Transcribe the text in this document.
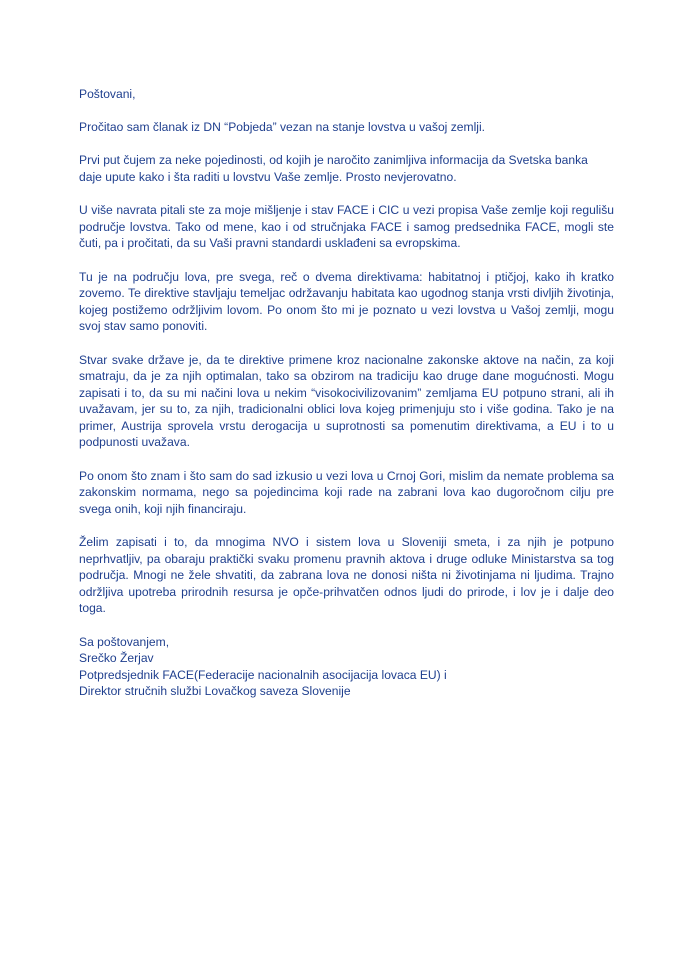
Poštovani,

Pročitao sam članak iz DN “Pobjeda” vezan na stanje lovstva u vašoj zemlji.

Prvi put čujem za neke pojedinosti, od kojih je naročito zanimljiva informacija da Svetska banka daje upute kako i šta raditi u lovstvu Vaše zemlje. Prosto nevjerovatno.

U više navrata pitali ste za moje mišljenje i stav FACE i CIC u vezi propisa Vaše zemlje koji regulišu područje lovstva. Tako od mene, kao i od stručnjaka FACE i samog predsednika FACE, mogli ste čuti, pa i pročitati, da su Vaši pravni standardi usklađeni sa evropskima.

Tu je na području lova, pre svega, reč o dvema direktivama: habitatnoj i ptičjoj, kako ih kratko zovemo. Te direktive stavljaju temeljac održavanju habitata kao ugodnog stanja vrsti divljih životinja, kojeg postižemo održljivim lovom. Po onom što mi je poznato u vezi lovstva u Vašoj zemlji, mogu svoj stav samo ponoviti.

Stvar svake države je, da te direktive primene kroz nacionalne zakonske aktove na način, za koji smatraju, da je za njih optimalan, tako sa obzirom na tradiciju kao druge dane mogućnosti. Mogu zapisati i to, da su mi načini lova u nekim “visokocivilizovanim” zemljama EU potpuno strani, ali ih uvažavam, jer su to, za njih, tradicionalni oblici lova kojeg primenjuju sto i više godina. Tako je na primer, Austrija sprovela vrstu derogacija u suprotnosti sa pomenutim direktivama, a EU i to u podpunosti uvažava.

Po onom što znam i što sam do sad izkusio u vezi lova u Crnoj Gori, mislim da nemate problema sa zakonskim normama, nego sa pojedincima koji rade na zabrani lova kao dugoročnom cilju pre svega onih, koji njih financiraju.

Želim zapisati i to, da mnogima NVO i sistem lova u Sloveniji smeta, i za njih je potpuno neprhvatljiv, pa obaraju praktički svaku promenu pravnih aktova i druge odluke Ministarstva sa tog područja. Mnogi ne žele shvatiti, da zabrana lova ne donosi ništa ni životinjama ni ljudima. Trajno održljiva upotreba prirodnih resursa je opče-prihvatčen odnos ljudi do prirode, i lov je i dalje deo toga.

Sa poštovanjem,
Srečko Žerjav
Potpredsjednik FACE(Federacije nacionalnih asocijacija lovaca EU) i
Direktor stručnih službi Lovačkog saveza Slovenije
